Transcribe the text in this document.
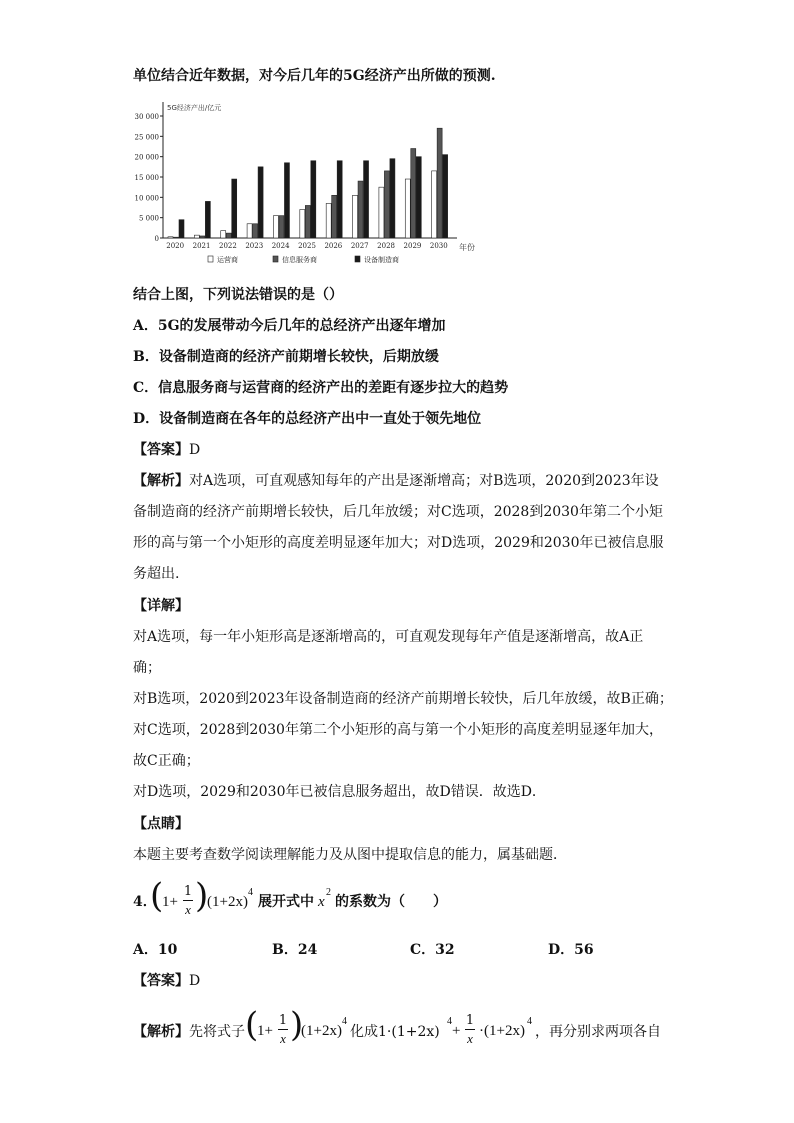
单位结合近年数据，对今后几年的5G经济产出所做的预测.
5G经济产出/亿元
年份
0
5 000
10 000
15 000
20 000
25 000
30 000
2020 2021 2022 2023 2024 2025 2026 2027 2028 2029 2030
运营商	信息服务商	设备制造商
结合上图，下列说法错误的是（）
A．5G的发展带动今后几年的总经济产出逐年增加
B．设备制造商的经济产前期增长较快，后期放缓
C．信息服务商与运营商的经济产出的差距有逐步拉大的趋势
D．设备制造商在各年的总经济产出中一直处于领先地位
【答案】D
【解析】对A选项，可直观感知每年的产出是逐渐增高；对B选项，2020到2023年设
备制造商的经济产前期增长较快，后几年放缓；对C选项，2028到2030年第二个小矩
形的高与第一个小矩形的高度差明显逐年加大；对D选项，2029和2030年已被信息服
务超出.
【详解】
对A选项，每一年小矩形高是逐渐增高的，可直观发现每年产值是逐渐增高，故A正
确；
对B选项，2020到2023年设备制造商的经济产前期增长较快，后几年放缓，故B正确；
对C选项，2028到2030年第二个小矩形的高与第一个小矩形的高度差明显逐年加大，
故C正确；
对D选项，2029和2030年已被信息服务超出，故D错误．故选D．
【点睛】
本题主要考查数学阅读理解能力及从图中提取信息的能力，属基础题．
4．
(
1+
1
x )
(1+2x)
4
展开式中 x
2
的系数为（　　）
A．10	B．24	C．32	D．56
【答案】D
【解析】 先将式子 (
1+
1
x )
(1+2x)
4
化成1·(1+2x)
4
+
1
x ·(1+2x)
4
，再分别求两项各自
